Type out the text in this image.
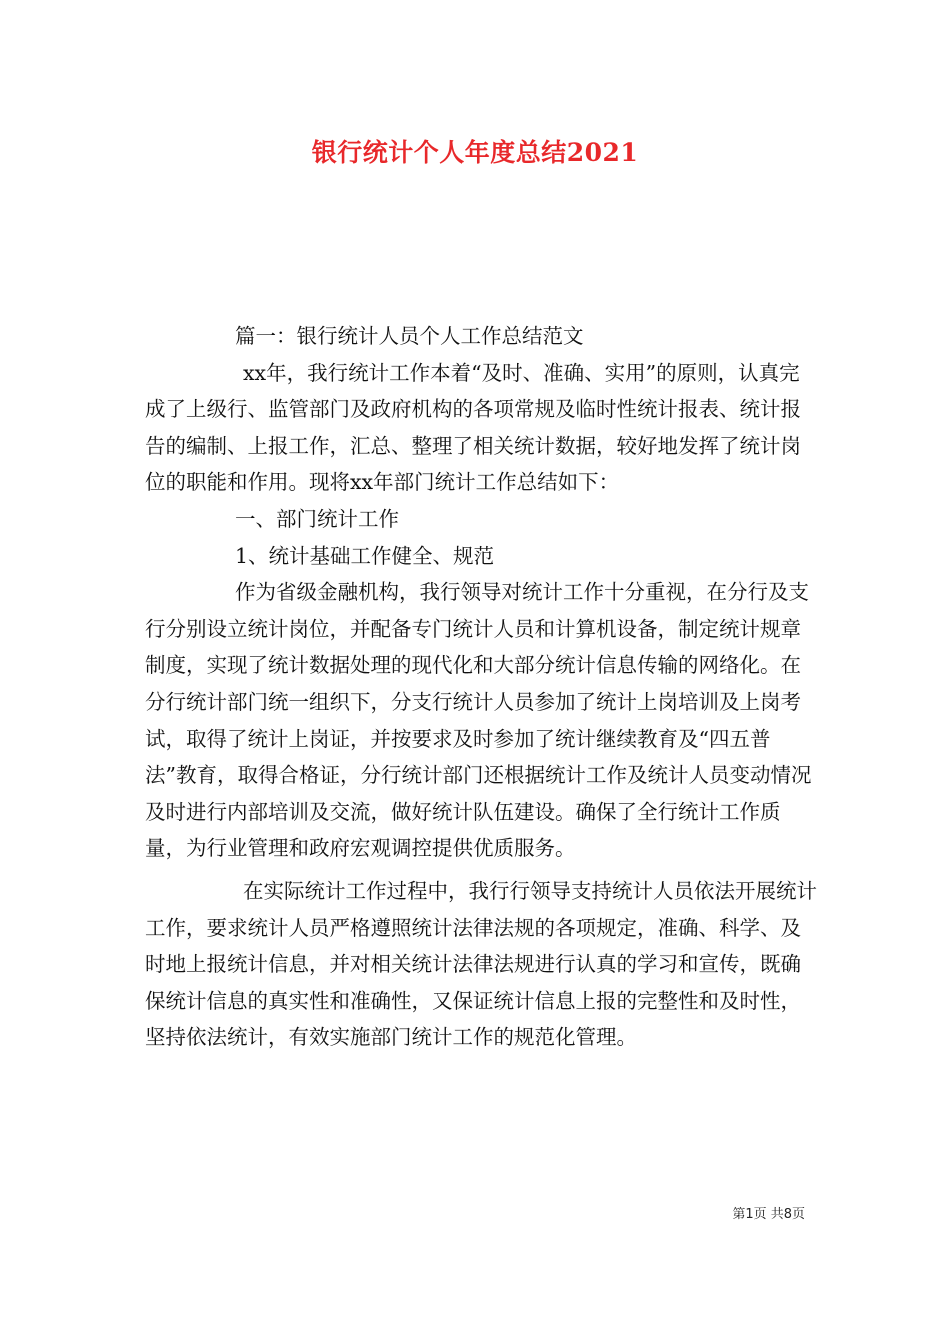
银行统计个人年度总结2021

篇一：银行统计人员个人工作总结范文

xx年，我行统计工作本着“及时、准确、实用”的原则，认真完成了上级行、监管部门及政府机构的各项常规及临时性统计报表、统计报告的编制、上报工作，汇总、整理了相关统计数据，较好地发挥了统计岗位的职能和作用。现将xx年部门统计工作总结如下：

一、部门统计工作

1、统计基础工作健全、规范

作为省级金融机构，我行领导对统计工作十分重视，在分行及支行分别设立统计岗位，并配备专门统计人员和计算机设备，制定统计规章制度，实现了统计数据处理的现代化和大部分统计信息传输的网络化。在分行统计部门统一组织下，分支行统计人员参加了统计上岗培训及上岗考试，取得了统计上岗证，并按要求及时参加了统计继续教育及“四五普法”教育，取得合格证，分行统计部门还根据统计工作及统计人员变动情况及时进行内部培训及交流，做好统计队伍建设。确保了全行统计工作质量，为行业管理和政府宏观调控提供优质服务。

在实际统计工作过程中，我行行领导支持统计人员依法开展统计工作，要求统计人员严格遵照统计法律法规的各项规定，准确、科学、及时地上报统计信息，并对相关统计法律法规进行认真的学习和宣传，既确保统计信息的真实性和准确性，又保证统计信息上报的完整性和及时性，坚持依法统计，有效实施部门统计工作的规范化管理。

第1页 共8页
